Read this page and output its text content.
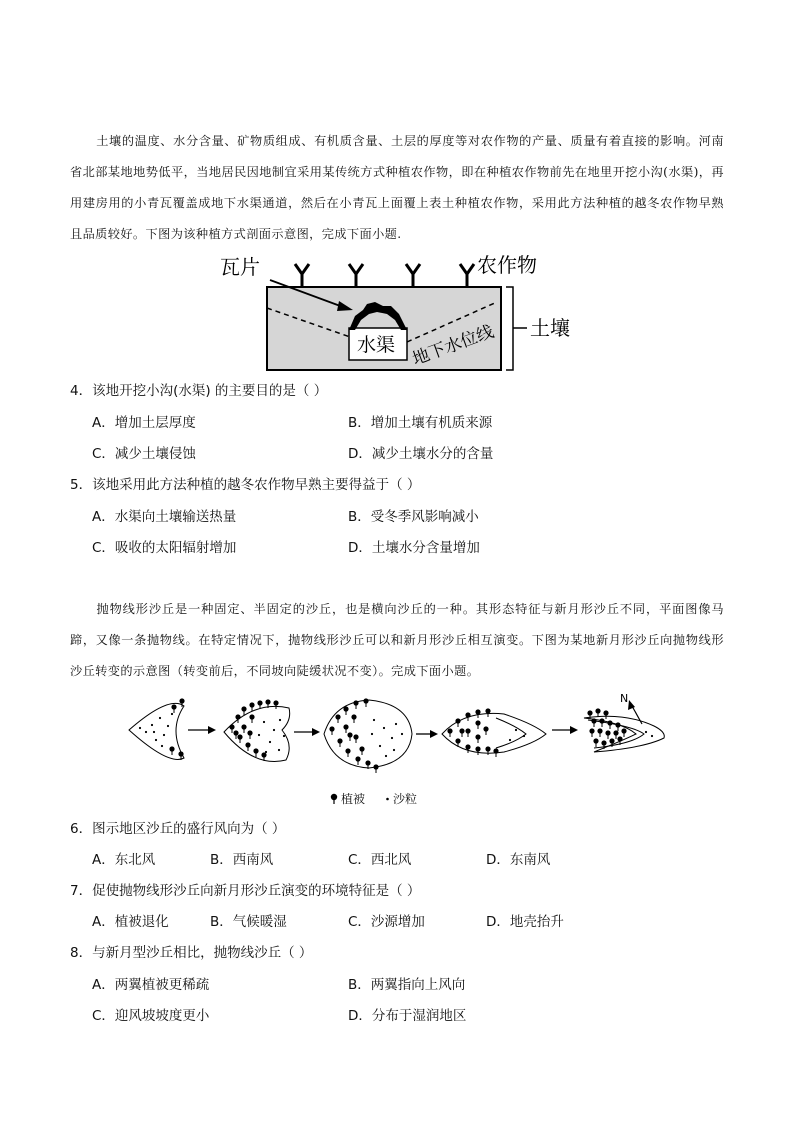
土壤的温度、水分含量、矿物质组成、有机质含量、土层的厚度等对农作物的产量、质量有着直接的影响。河南省北部某地地势低平，当地居民因地制宜采用某传统方式种植农作物，即在种植农作物前先在地里开挖小沟(水渠)，再用建房用的小青瓦覆盖成地下水渠通道，然后在小青瓦上面覆上表土种植农作物，采用此方法种植的越冬农作物早熟且品质较好。下图为该种植方式剖面示意图，完成下面小题.

瓦片	农作物
水渠 地下水位线 土壤
4．该地开挖小沟(水渠) 的主要目的是（ ）
A．增加土层厚度	B．增加土壤有机质来源
C．减少土壤侵蚀	D．减少土壤水分的含量
5．该地采用此方法种植的越冬农作物早熟主要得益于（ ）
A．水渠向土壤输送热量	B．受冬季风影响减小
C．吸收的太阳辐射增加	D．土壤水分含量增加

抛物线形沙丘是一种固定、半固定的沙丘，也是横向沙丘的一种。其形态特征与新月形沙丘不同，平面图像马蹄，又像一条抛物线。在特定情况下，抛物线形沙丘可以和新月形沙丘相互演变。下图为某地新月形沙丘向抛物线形沙丘转变的示意图（转变前后，不同坡向陡缓状况不变）。完成下面小题。

N
植被 沙粒
6．图示地区沙丘的盛行风向为（ ）
A．东北风	B．西南风	C．西北风	D．东南风
7．促使抛物线形沙丘向新月形沙丘演变的环境特征是（ ）
A．植被退化	B．气候暖湿	C．沙源增加	D．地壳抬升
8．与新月型沙丘相比，抛物线沙丘（ ）
A．两翼植被更稀疏	B．两翼指向上风向
C．迎风坡坡度更小	D．分布于湿润地区
